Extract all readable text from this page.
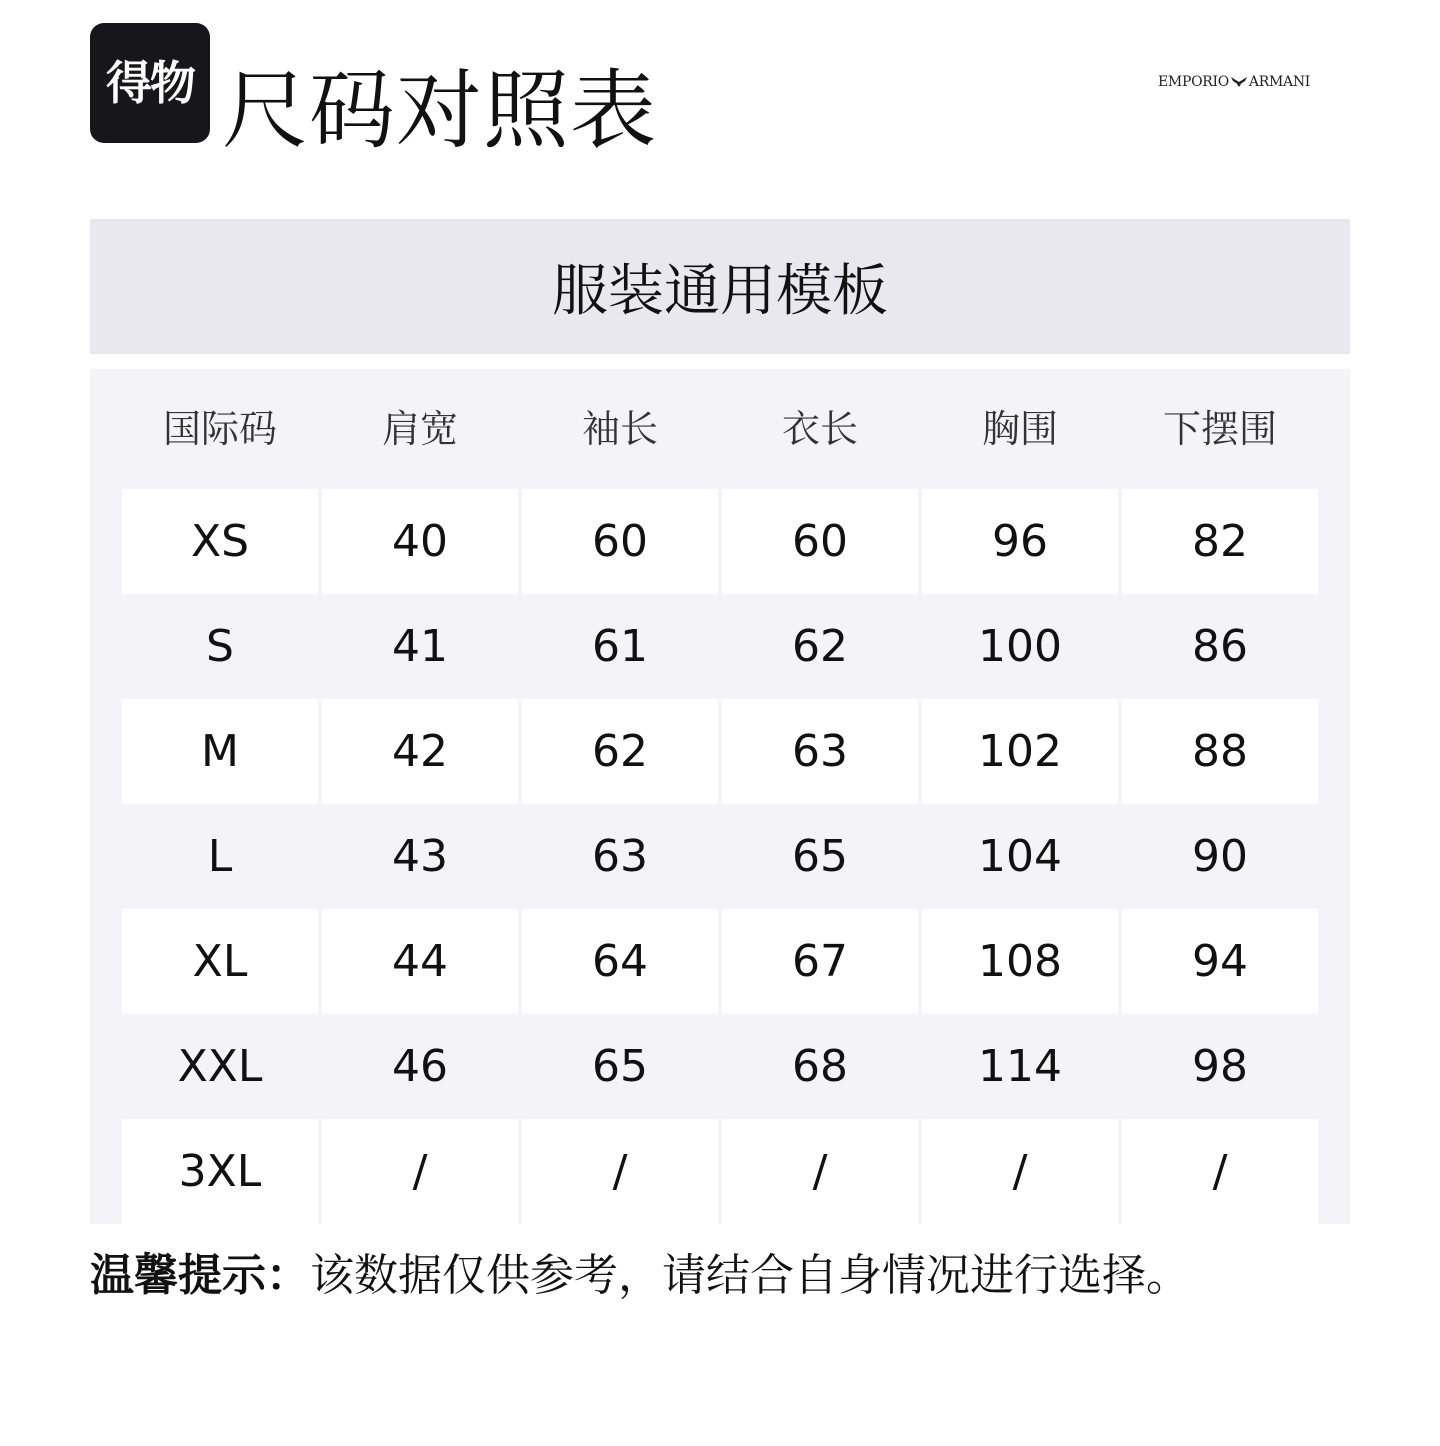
得物 尺码对照表	EMPORIO ARMANI
服装通用模板
国际码	肩宽	袖长	衣长	胸围	下摆围
XS	40	60	60	96	82
S	41	61	62	100	86
M	42	62	63	102	88
L	43	63	65	104	90
XL	44	64	67	108	94
XXL	46	65	68	114	98
3XL	/	/	/	/	/
温馨提示：该数据仅供参考，请结合自身情况进行选择。
